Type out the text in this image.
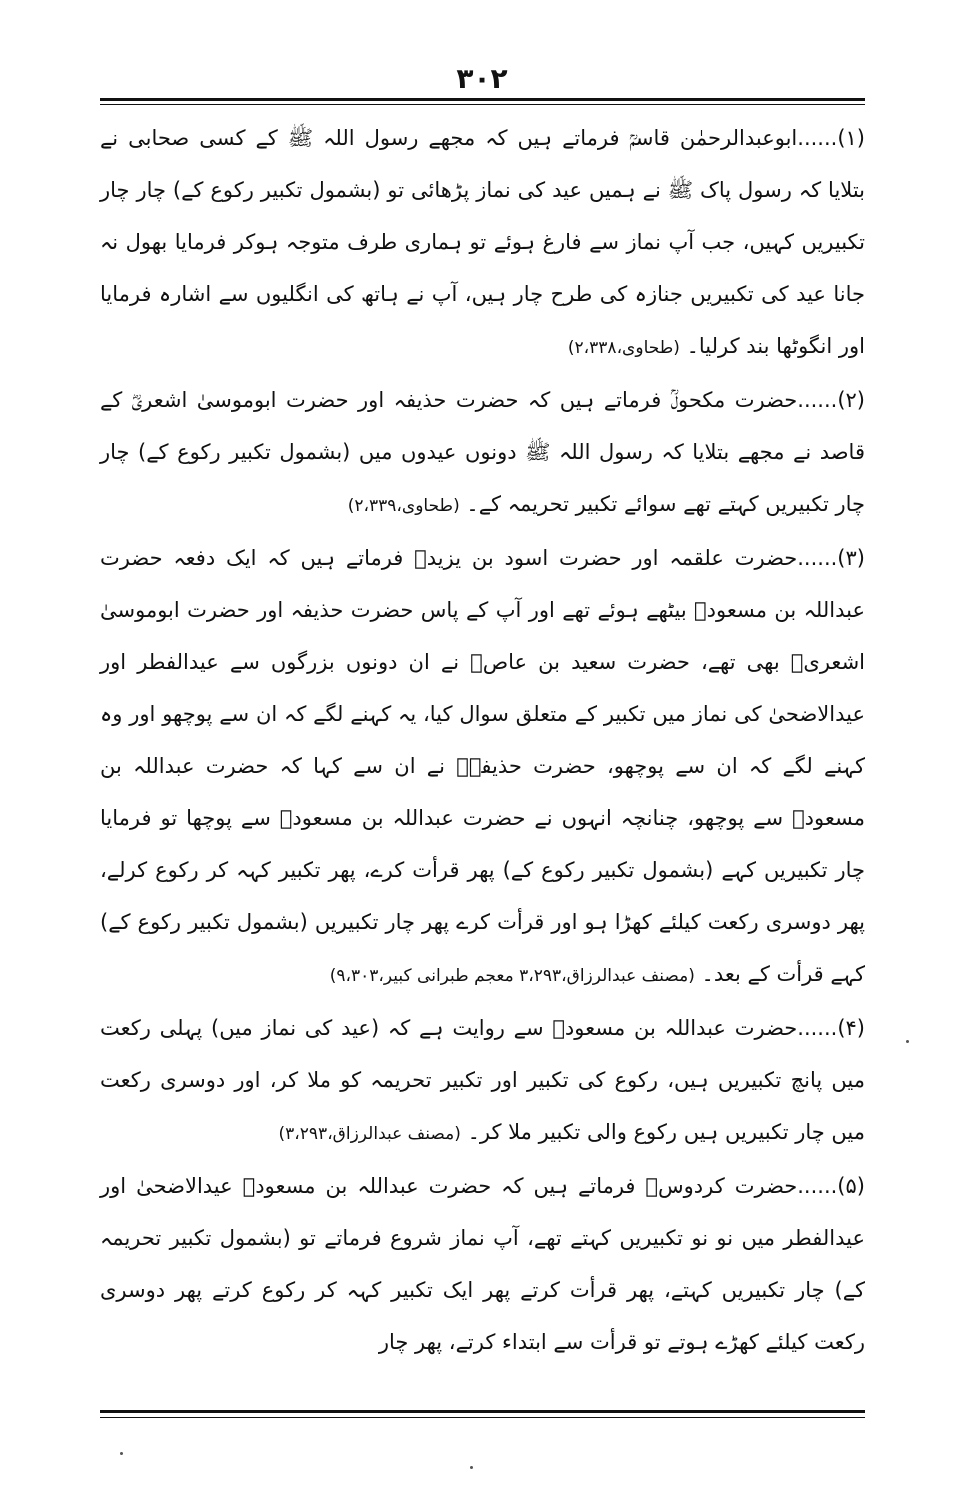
۳۰۲

(۱)......ابوعبدالرحمٰن قاسمؒ فرماتے ہیں کہ مجھے رسول اللہ ﷺ کے کسی صحابی نے بتلایا کہ رسول پاک ﷺ نے ہمیں عید کی نماز پڑھائی تو (بشمول تکبیر رکوع کے) چار چار تکبیریں کہیں، جب آپ نماز سے فارغ ہوئے تو ہماری طرف متوجہ ہوکر فرمایا بھول نہ جانا عید کی تکبیریں جنازہ کی طرح چار ہیں، آپ نے ہاتھ کی انگلیوں سے اشارہ فرمایا اور انگوٹھا بند کرلیا۔ (طحاوی،۲،۳۳۸)

(۲)......حضرت مکحولؒ فرماتے ہیں کہ حضرت حذیفہ اور حضرت ابوموسیٰ اشعریؓ کے قاصد نے مجھے بتلایا کہ رسول اللہ ﷺ دونوں عیدوں میں (بشمول تکبیر رکوع کے) چار چار تکبیریں کہتے تھے سوائے تکبیر تحریمہ کے۔ (طحاوی،۲،۳۳۹)

(۳)......حضرت علقمہ اور حضرت اسود بن یزیدؒ فرماتے ہیں کہ ایک دفعہ حضرت عبداللہ بن مسعودؓ بیٹھے ہوئے تھے اور آپ کے پاس حضرت حذیفہ اور حضرت ابوموسیٰ اشعریؓ بھی تھے، حضرت سعید بن عاصؓ نے ان دونوں بزرگوں سے عیدالفطر اور عیدالاضحیٰ کی نماز میں تکبیر کے متعلق سوال کیا، یہ کہنے لگے کہ ان سے پوچھو اور وہ کہنے لگے کہ ان سے پوچھو، حضرت حذیفہؓ نے ان سے کہا کہ حضرت عبداللہ بن مسعودؓ سے پوچھو، چنانچہ انہوں نے حضرت عبداللہ بن مسعودؓ سے پوچھا تو فرمایا چار تکبیریں کہے (بشمول تکبیر رکوع کے) پھر قرأت کرے، پھر تکبیر کہہ کر رکوع کرلے، پھر دوسری رکعت کیلئے کھڑا ہو اور قرأت کرے پھر چار تکبیریں (بشمول تکبیر رکوع کے) کہے قرأت کے بعد۔ (مصنف عبدالرزاق،۳،۲۹۳ معجم طبرانی کبیر،۹،۳۰۳)

(۴)......حضرت عبداللہ بن مسعودؓ سے روایت ہے کہ (عید کی نماز میں) پہلی رکعت میں پانچ تکبیریں ہیں، رکوع کی تکبیر اور تکبیر تحریمہ کو ملا کر، اور دوسری رکعت میں چار تکبیریں ہیں رکوع والی تکبیر ملا کر۔ (مصنف عبدالرزاق،۳،۲۹۳)

(۵)......حضرت کردوسؒ فرماتے ہیں کہ حضرت عبداللہ بن مسعودؓ عیدالاضحیٰ اور عیدالفطر میں نو نو تکبیریں کہتے تھے، آپ نماز شروع فرماتے تو (بشمول تکبیر تحریمہ کے) چار تکبیریں کہتے، پھر قرأت کرتے پھر ایک تکبیر کہہ کر رکوع کرتے پھر دوسری رکعت کیلئے کھڑے ہوتے تو قرأت سے ابتداء کرتے، پھر چار
